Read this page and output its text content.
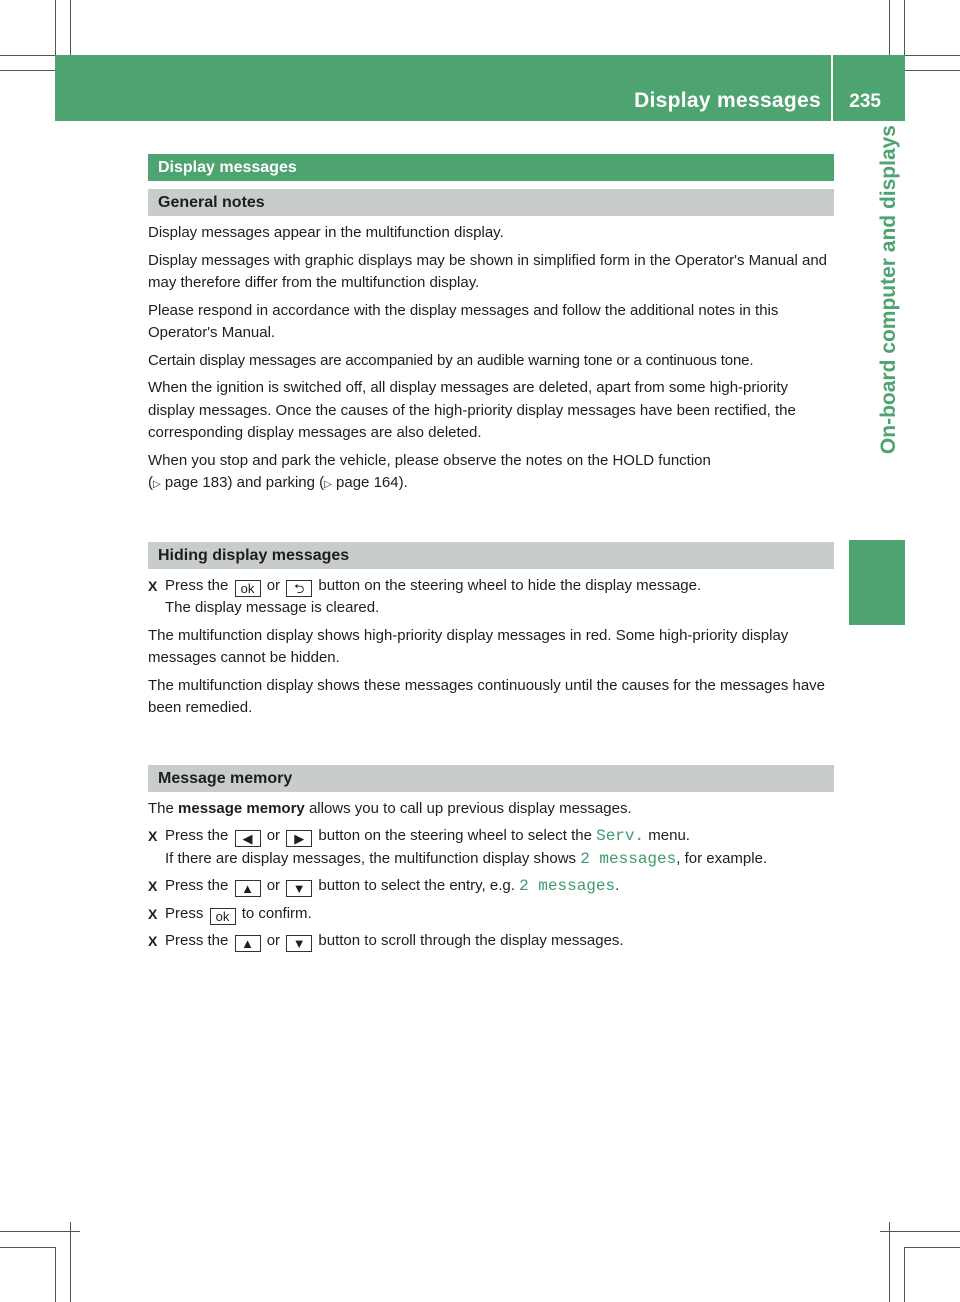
Display messages 235
On-board computer and displays
Display messages
General notes

Display messages appear in the multifunction display.

Display messages with graphic displays may be shown in simplified form in the Operator's Manual and may therefore differ from the multifunction display.

Please respond in accordance with the display messages and follow the additional notes in this Operator's Manual.

Certain display messages are accompanied by an audible warning tone or a continuous tone.

When the ignition is switched off, all display messages are deleted, apart from some high-priority display messages. Once the causes of the high-priority display messages have been rectified, the corresponding display messages are also deleted.

When you stop and park the vehicle, please observe the notes on the HOLD function
(▷ page 183) and parking (▷ page 164).

Hiding display messages
X Press the ok or ⮌ button on the steering wheel to hide the display message.
The display message is cleared.

The multifunction display shows high-priority display messages in red. Some high-priority display messages cannot be hidden.

The multifunction display shows these messages continuously until the causes for the messages have been remedied.

Message memory

The message memory allows you to call up previous display messages.

X Press the ◀ or ▶ button on the steering wheel to select the Serv. menu.
If there are display messages, the multifunction display shows 2 messages, for example.
X Press the ▲ or ▼ button to select the entry, e.g. 2 messages.
X Press ok to confirm.
X Press the ▲ or ▼ button to scroll through the display messages.
